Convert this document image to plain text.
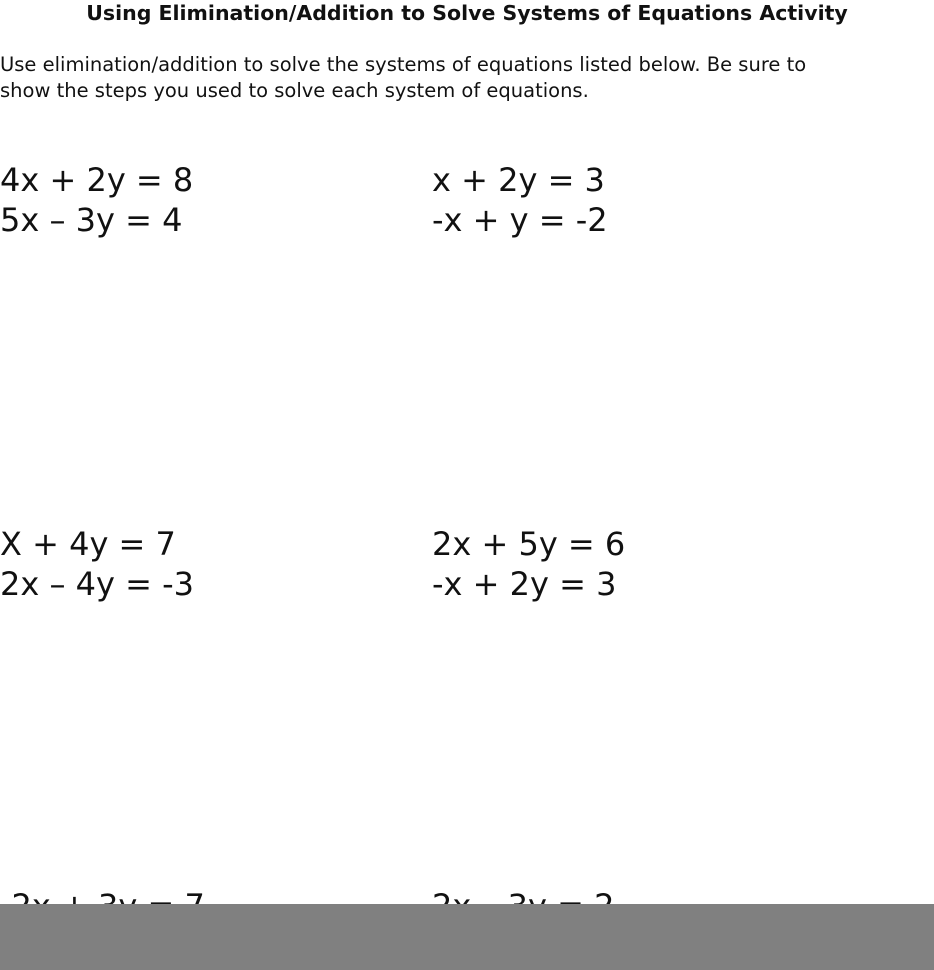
Using Elimination/Addition to Solve Systems of Equations Activity
Use elimination/addition to solve the systems of equations listed below. Be sure to
show the steps you used to solve each system of equations.
4x + 2y = 8
5x – 3y = 4
x + 2y = 3
-x + y = -2
X + 4y = 7
2x – 4y = -3
2x + 5y = 6
-x + 2y = 3
